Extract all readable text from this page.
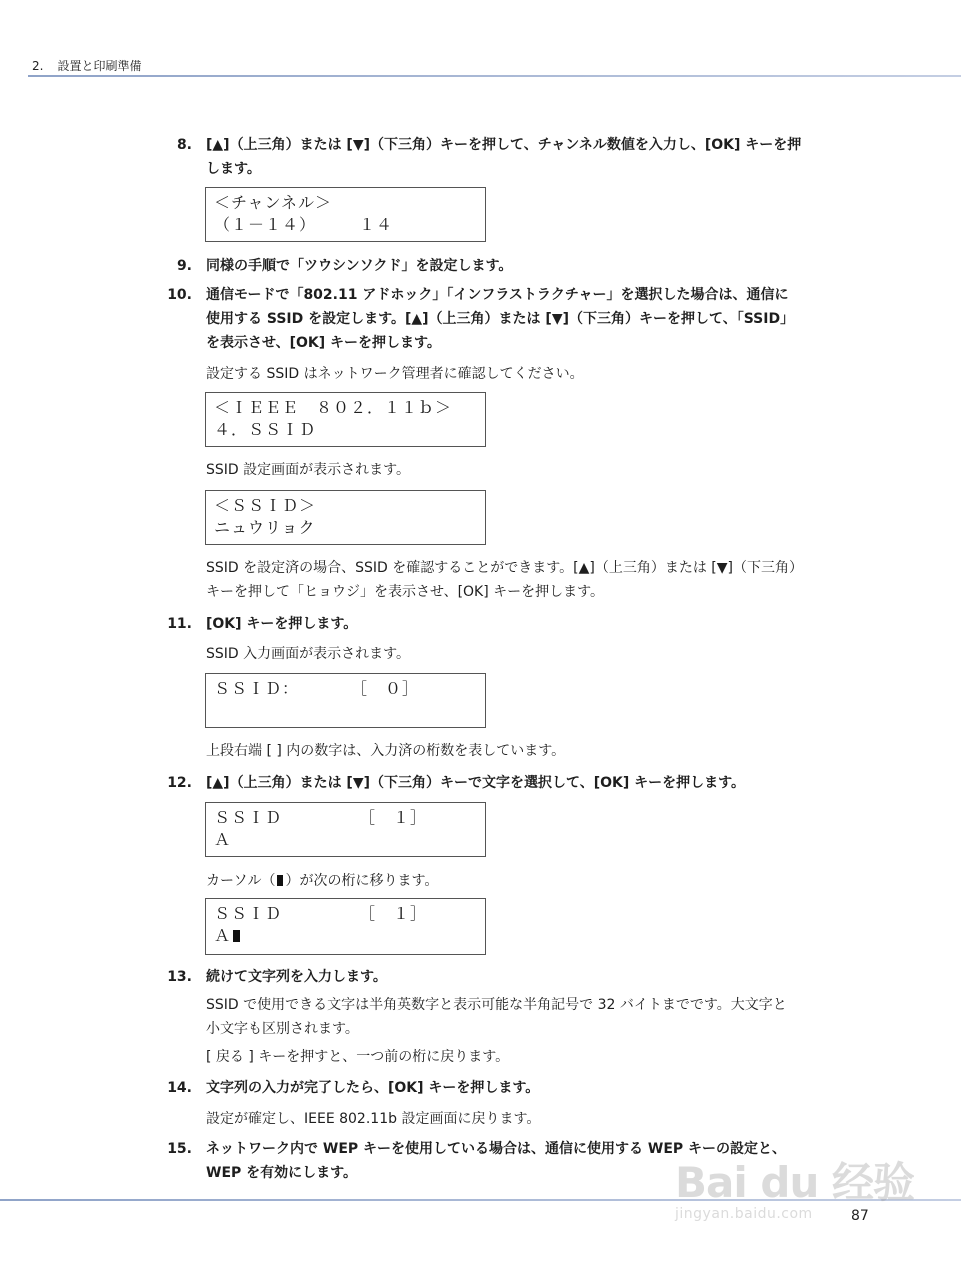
2. 設置と印刷準備
8. [▲]（上三角）または [▼]（下三角）キーを押して、チャンネル数値を入力し、[OK] キーを押
します。
＜チャンネル＞
（１－１４）　　　１４
9. 同様の手順で「ツウシンソクド」を設定します。
10. 通信モードで「802.11 アドホック」「インフラストラクチャー」を選択した場合は、通信に
使用する SSID を設定します。[▲]（上三角）または [▼]（下三角）キーを押して、「SSID」
を表示させ、[OK] キーを押します。
設定する SSID はネットワーク管理者に確認してください。
＜ＩＥＥＥ　８０２．１１ｂ＞
４．ＳＳＩＤ
SSID 設定画面が表示されます。
＜ＳＳＩＤ＞
ニュウリョク
SSID を設定済の場合、SSID を確認することができます。[▲]（上三角）または [▼]（下三角）
キーを押して「ヒョウジ」を表示させ、[OK] キーを押します。
11. [OK] キーを押します。
SSID 入力画面が表示されます。
ＳＳＩＤ：　　　　［　０］
上段右端 [ ] 内の数字は、入力済の桁数を表しています。
12. [▲]（上三角）または [▼]（下三角）キーで文字を選択して、[OK] キーを押します。
ＳＳＩＤ　　　　　［　１］
Ａ
カーソル（ ）が次の桁に移ります。
ＳＳＩＤ　　　　　［　１］
Ａ
13. 続けて文字列を入力します。
SSID で使用できる文字は半角英数字と表示可能な半角記号で 32 バイトまでです。大文字と
小文字も区別されます。
[ 戻る ] キーを押すと、一つ前の桁に戻ります。
14. 文字列の入力が完了したら、[OK] キーを押します。
設定が確定し、IEEE 802.11b 設定画面に戻ります。
15. ネットワーク内で WEP キーを使用している場合は、通信に使用する WEP キーの設定と、
WEP を有効にします。
87
Bai du 经验
jingyan.baidu.com
